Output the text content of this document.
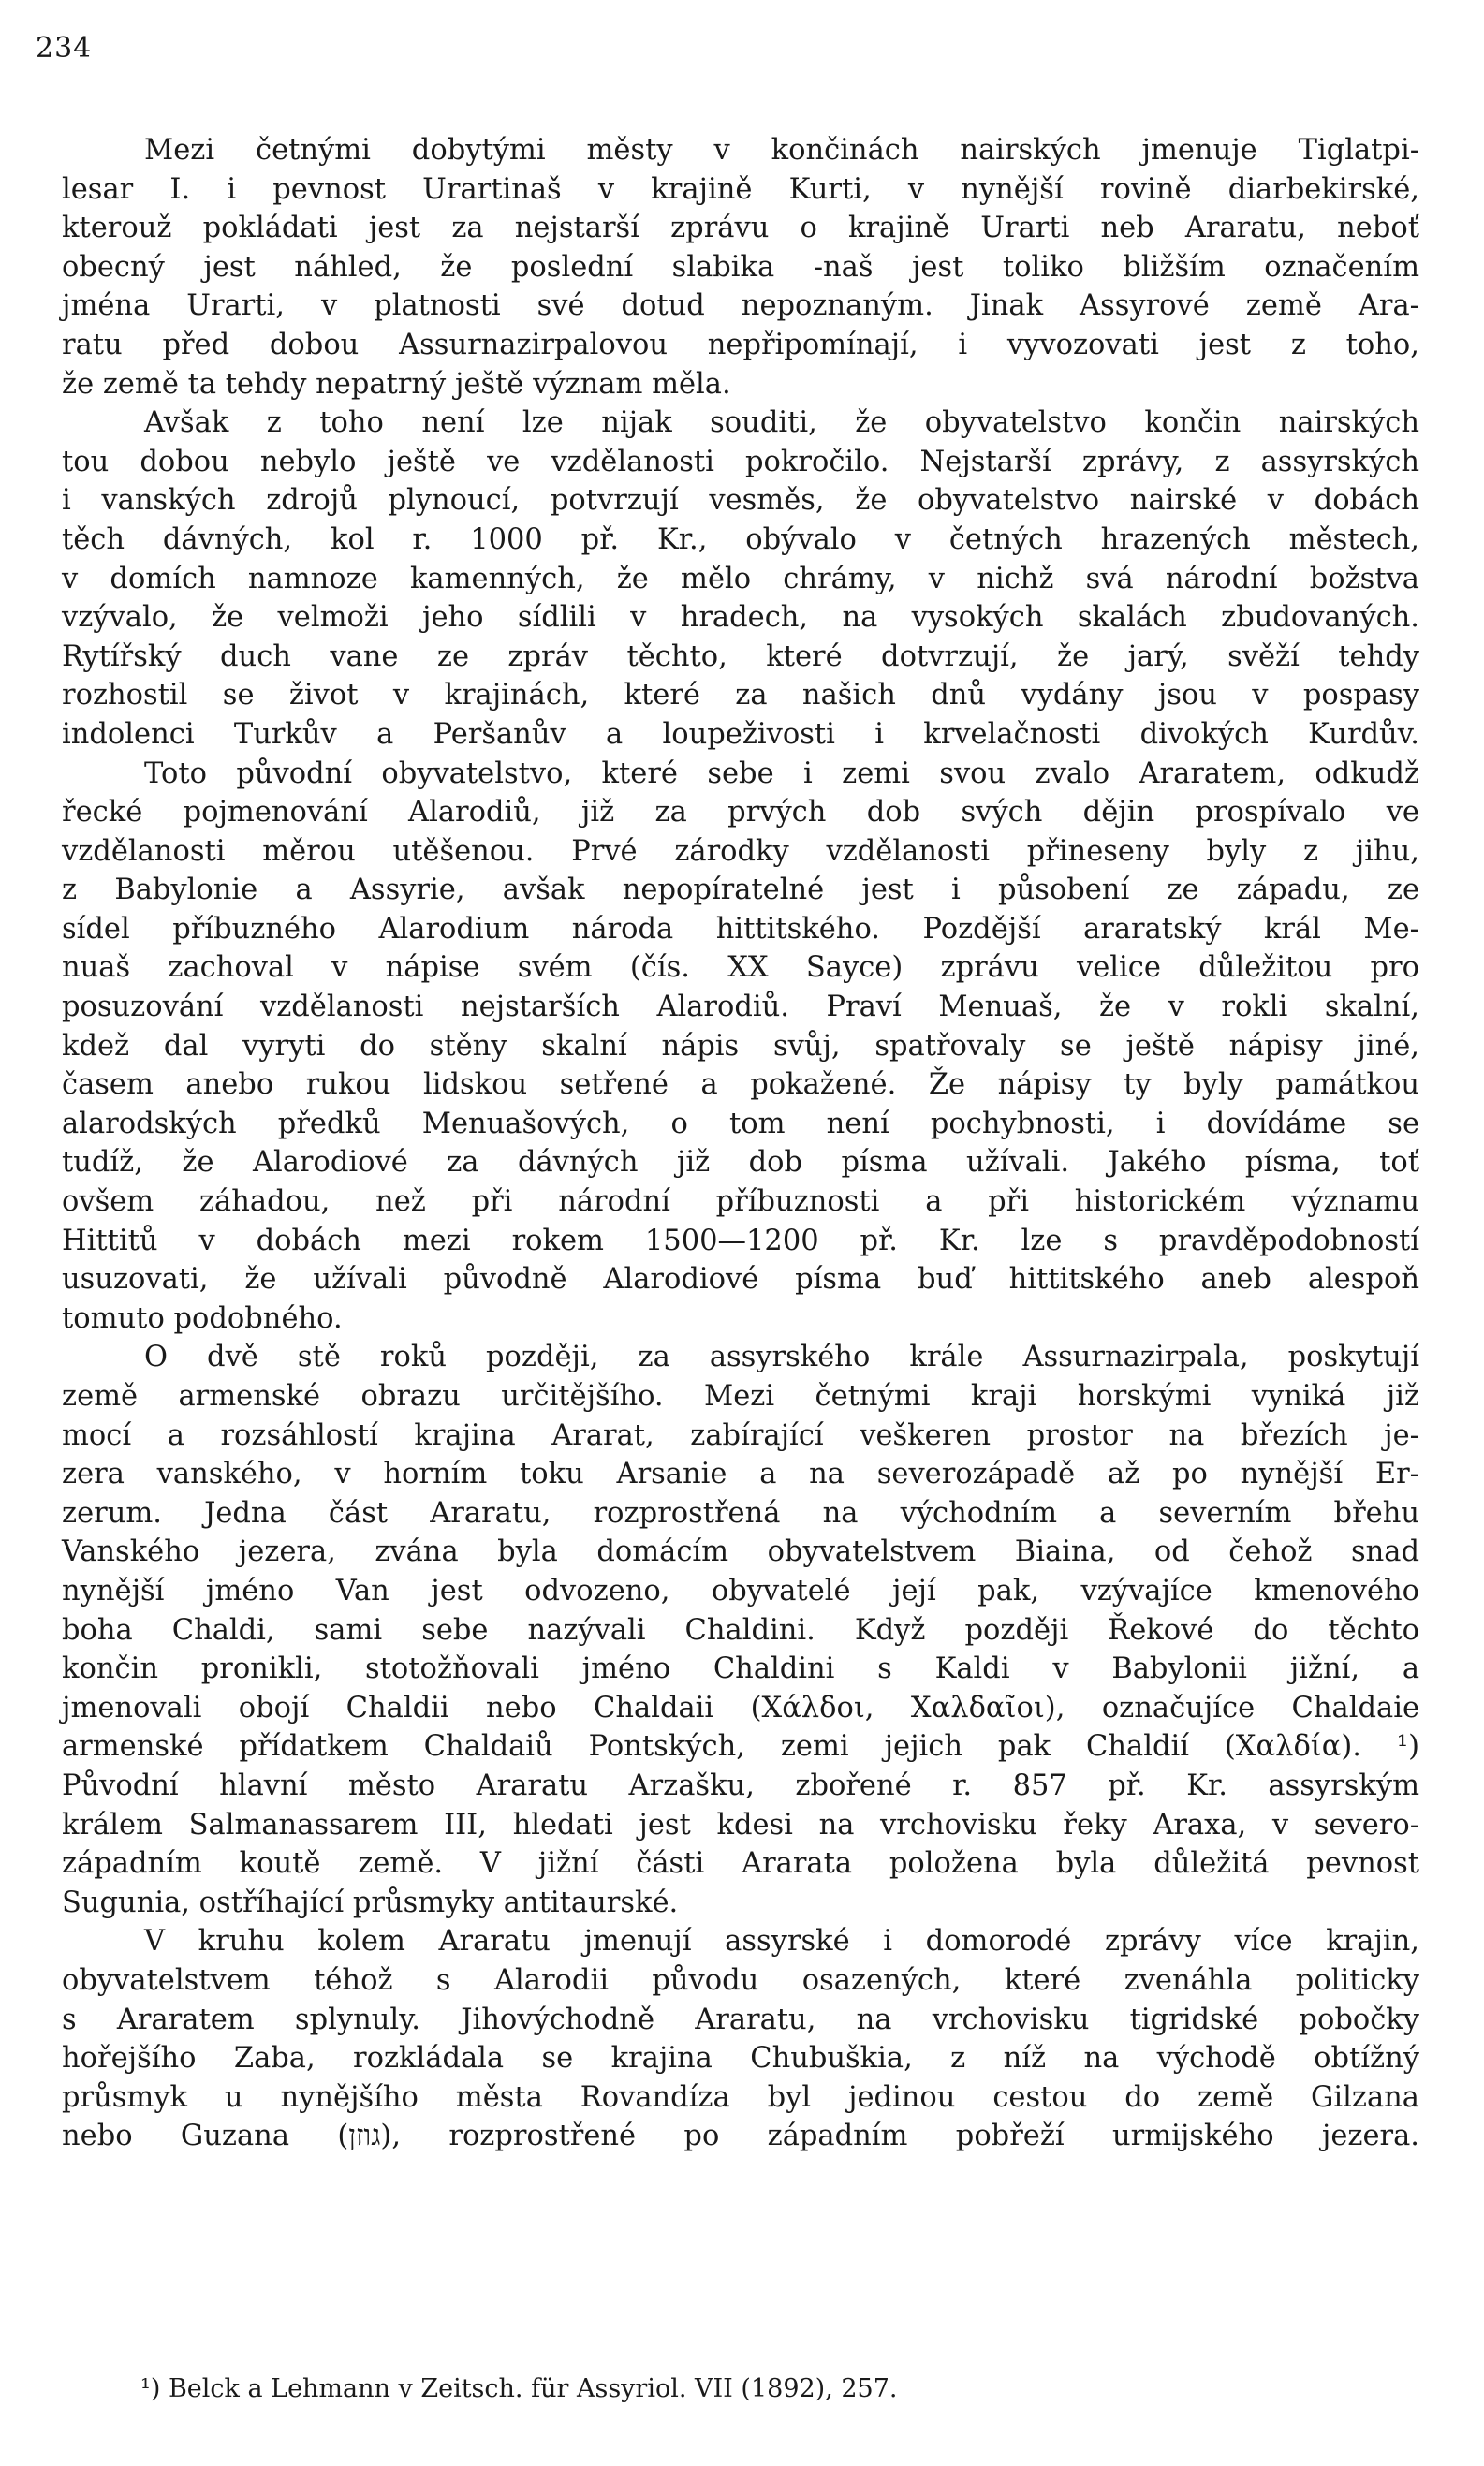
234
Mezi četnými dobytými městy v končinách nairských jmenuje Tiglatpi-
lesar I. i pevnost Urartinaš v krajině Kurti, v nynější rovině diarbekirské,
kterouž pokládati jest za nejstarší zprávu o krajině Urarti neb Araratu, neboť
obecný jest náhled, že poslední slabika -naš jest toliko bližším označením
jména Urarti, v platnosti své dotud nepoznaným. Jinak Assyrové země Ara-
ratu před dobou Assurnazirpalovou nepřipomínají, i vyvozovati jest z toho,
že země ta tehdy nepatrný ještě význam měla.
Avšak z toho není lze nijak souditi, že obyvatelstvo končin nairských
tou dobou nebylo ještě ve vzdělanosti pokročilo. Nejstarší zprávy, z assyrských
i vanských zdrojů plynoucí, potvrzují vesměs, že obyvatelstvo nairské v dobách
těch dávných, kol r. 1000 př. Kr., obývalo v četných hrazených městech,
v domích namnoze kamenných, že mělo chrámy, v nichž svá národní božstva
vzývalo, že velmoži jeho sídlili v hradech, na vysokých skalách zbudovaných.
Rytířský duch vane ze zpráv těchto, které dotvrzují, že jarý, svěží tehdy
rozhostil se život v krajinách, které za našich dnů vydány jsou v pospasy
indolenci Turkův a Peršanův a loupeživosti i krvelačnosti divokých Kurdův.
Toto původní obyvatelstvo, které sebe i zemi svou zvalo Araratem, odkudž
řecké pojmenování Alarodiů, již za prvých dob svých dějin prospívalo ve
vzdělanosti měrou utěšenou. Prvé zárodky vzdělanosti přineseny byly z jihu,
z Babylonie a Assyrie, avšak nepopíratelné jest i působení ze západu, ze
sídel příbuzného Alarodium národa hittitského. Pozdější araratský král Me-
nuaš zachoval v nápise svém (čís. XX Sayce) zprávu velice důležitou pro
posuzování vzdělanosti nejstarších Alarodiů. Praví Menuaš, že v rokli skalní,
kdež dal vyryti do stěny skalní nápis svůj, spatřovaly se ještě nápisy jiné,
časem anebo rukou lidskou setřené a pokažené. Že nápisy ty byly památkou
alarodských předků Menuašových, o tom není pochybnosti, i dovídáme se
tudíž, že Alarodiové za dávných již dob písma užívali. Jakého písma, toť
ovšem záhadou, než při národní příbuznosti a při historickém významu
Hittitů v dobách mezi rokem 1500—1200 př. Kr. lze s pravděpodobností
usuzovati, že užívali původně Alarodiové písma buď hittitského aneb alespoň
tomuto podobného.
O dvě stě roků později, za assyrského krále Assurnazirpala, poskytují
země armenské obrazu určitějšího. Mezi četnými kraji horskými vyniká již
mocí a rozsáhlostí krajina Ararat, zabírající veškeren prostor na březích je-
zera vanského, v horním toku Arsanie a na severozápadě až po nynější Er-
zerum. Jedna část Araratu, rozprostřená na východním a severním břehu
Vanského jezera, zvána byla domácím obyvatelstvem Biaina, od čehož snad
nynější jméno Van jest odvozeno, obyvatelé její pak, vzývajíce kmenového
boha Chaldi, sami sebe nazývali Chaldini. Když později Řekové do těchto
končin pronikli, stotožňovali jméno Chaldini s Kaldi v Babylonii jižní, a
jmenovali obojí Chaldii nebo Chaldaii (Χάλδοι, Χαλδαῖοι), označujíce Chaldaie
armenské přídatkem Chaldaiů Pontských, zemi jejich pak Chaldií (Χαλδία). ¹)
Původní hlavní město Araratu Arzašku, zbořené r. 857 př. Kr. assyrským
králem Salmanassarem III, hledati jest kdesi na vrchovisku řeky Araxa, v severo-
západním koutě země. V jižní části Ararata položena byla důležitá pevnost
Sugunia, ostříhající průsmyky antitaurské.
V kruhu kolem Araratu jmenují assyrské i domorodé zprávy více krajin,
obyvatelstvem téhož s Alarodii původu osazených, které zvenáhla politicky
s Araratem splynuly. Jihovýchodně Araratu, na vrchovisku tigridské pobočky
hořejšího Zaba, rozkládala se krajina Chubuškia, z níž na východě obtížný
průsmyk u nynějšího města Rovandíza byl jedinou cestou do země Gilzana
nebo Guzana (גוזן), rozprostřené po západním pobřeží urmijského jezera.
¹) Belck a Lehmann v Zeitsch. für Assyriol. VII (1892), 257.
